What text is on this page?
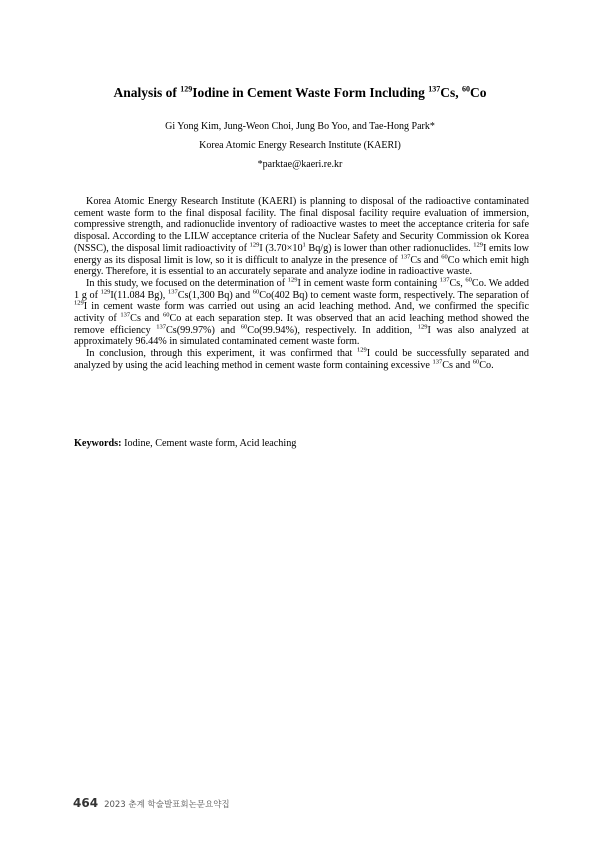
Analysis of $^{129}$Iodine in Cement Waste Form Including $^{137}$Cs, $^{60}$Co
Gi Yong Kim, Jung-Weon Choi, Jung Bo Yoo, and Tae-Hong Park*
Korea Atomic Energy Research Institute (KAERI)
*parktae@kaeri.re.kr

Korea Atomic Energy Research Institute (KAERI) is planning to disposal of the radioactive contaminated cement waste form to the final disposal facility. The final disposal facility require evaluation of immersion, compressive strength, and radionuclide inventory of radioactive wastes to meet the acceptance criteria for safe disposal. According to the LILW acceptance criteria of the Nuclear Safety and Security Commission ok Korea (NSSC), the disposal limit radioactivity of $^{129}$I ($3.70\times 10^1$ Bq/g) is lower than other radionuclides. $^{129}$I emits low energy as its disposal limit is low, so it is difficult to analyze in the presence of $^{137}$Cs and $^{60}$Co which emit high energy. Therefore, it is essential to an accurately separate and analyze iodine in radioactive waste.

In this study, we focused on the determination of $^{129}$I in cement waste form containing $^{137}$Cs, $^{60}$Co. We added 1 g of $^{129}$I(11.084 Bg), $^{137}$Cs(1,300 Bq) and $^{60}$Co(402 Bq) to cement waste form, respectively. The separation of $^{129}$I in cement waste form was carried out using an acid leaching method. And, we confirmed the specific activity of $^{137}$Cs and $^{60}$Co at each separation step. It was observed that an acid leaching method showed the remove efficiency $^{137}$Cs(99.97%) and $^{60}$Co(99.94%), respectively. In addition, $^{129}$I was also analyzed at approximately 96.44% in simulated contaminated cement waste form.

In conclusion, through this experiment, it was confirmed that $^{129}$I could be successfully separated and analyzed by using the acid leaching method in cement waste form containing excessive $^{137}$Cs and $^{60}$Co.

Keywords: Iodine, Cement waste form, Acid leaching
464 2023 춘계 학술발표회논문요약집
